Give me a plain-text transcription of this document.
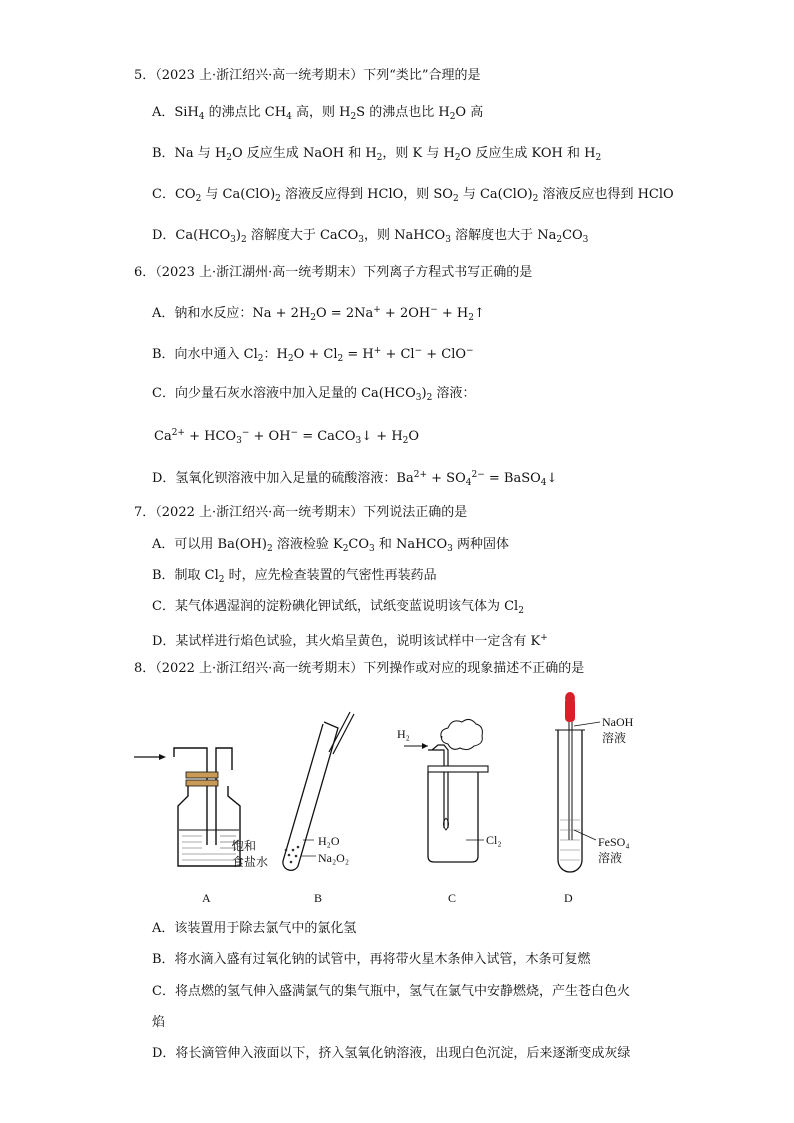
5．（2023 上·浙江绍兴·高一统考期末）下列“类比”合理的是
A．SiH$_4$ 的沸点比 $CH_4$ 高，则 $H_2S$ 的沸点也比 $H_2O$ 高
B．Na 与 $H_2O$ 反应生成 NaOH 和 $H_2$，则 K 与 $H_2O$ 反应生成 KOH 和 $H_2$
C．$CO_2$ 与 $Ca(ClO)_2$ 溶液反应得到 HClO，则 $SO_2$ 与 $Ca(ClO)_2$ 溶液反应也得到 HClO
D．$Ca(HCO_3)_2$ 溶解度大于 CaCO$_3$，则 NaHCO$_3$ 溶解度也大于 $Na_2CO_3$
6．（2023 上·浙江湖州·高一统考期末）下列离子方程式书写正确的是
A．钠和水反应：$Na + 2H_2O = 2Na^+ + 2OH^-$ + $H_2↑$
B．向水中通入 $Cl_2$：$H_2O + Cl_2 = H^+ + Cl^- + ClO^-$
C．向少量石灰水溶液中加入足量的 $Ca(HCO_3)_2$ 溶液：
$Ca^{2+} + HCO_3^- + OH^-$ = CaCO$_3$↓ + $H_2O$
D．氢氧化钡溶液中加入足量的硫酸溶液：$Ba^{2+} + SO_4^{2-}$ = BaSO$_4$↓
7．（2022 上·浙江绍兴·高一统考期末）下列说法正确的是
A．可以用 $Ba(OH)_2$ 溶液检验 $K_2CO_3$ 和 NaHCO$_3$ 两种固体
B．制取 $Cl_2$ 时，应先检查装置的气密性再装药品
C．某气体遇湿润的淀粉碘化钾试纸，试纸变蓝说明该气体为 $Cl_2$
D．某试样进行焰色试验，其火焰呈黄色，说明该试样中一定含有 K+
8．（2022 上·浙江绍兴·高一统考期末）下列操作或对应的现象描述不正确的是
饱和
食盐水
H₂O
Na₂O₂
H₂
Cl₂
NaOH
溶液
FeSO₄
溶液
A	B	C	D
A．该装置用于除去氯气中的氯化氢
B．将水滴入盛有过氧化钠的试管中，再将带火星木条伸入试管，木条可复燃
C．将点燃的氢气伸入盛满氯气的集气瓶中，氢气在氯气中安静燃烧，产生苍白色火
焰
D．将长滴管伸入液面以下，挤入氢氧化钠溶液，出现白色沉淀，后来逐渐变成灰绿
